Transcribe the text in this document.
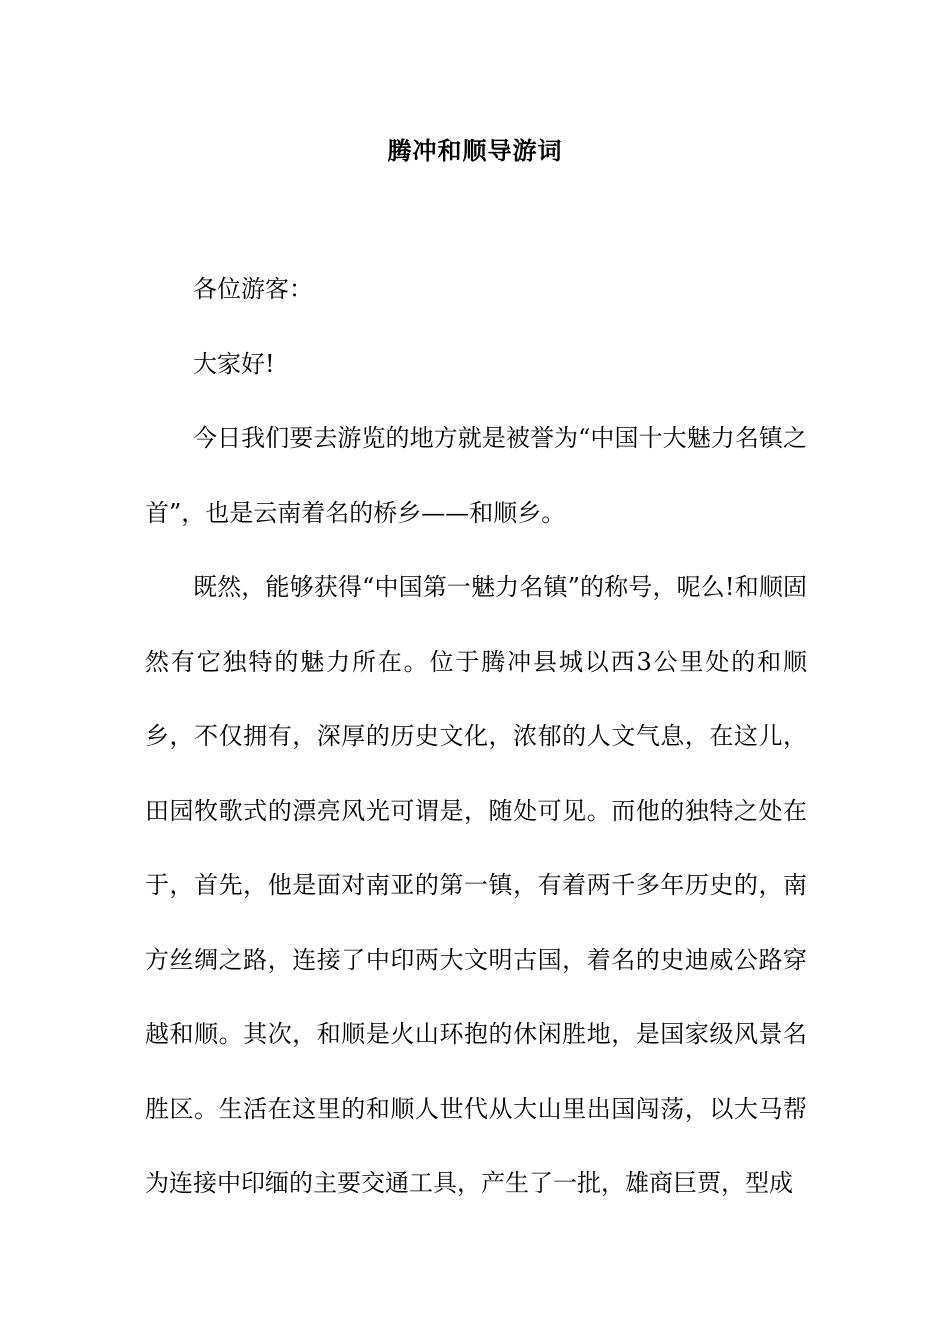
腾冲和顺导游词

各位游客：

大家好!

今日我们要去游览的地方就是被誉为“中国十大魅力名镇之首”，也是云南着名的桥乡——和顺乡。

既然，能够获得“中国第一魅力名镇”的称号，呢么!和顺固然有它独特的魅力所在。位于腾冲县城以西3公里处的和顺乡，不仅拥有，深厚的历史文化，浓郁的人文气息，在这儿，田园牧歌式的漂亮风光可谓是，随处可见。而他的独特之处在于，首先，他是面对南亚的第一镇，有着两千多年历史的，南方丝绸之路，连接了中印两大文明古国，着名的史迪威公路穿越和顺。其次，和顺是火山环抱的休闲胜地，是国家级风景名胜区。生活在这里的和顺人世代从大山里出国闯荡，以大马帮为连接中印缅的主要交通工具，产生了一批，雄商巨贾，型成
